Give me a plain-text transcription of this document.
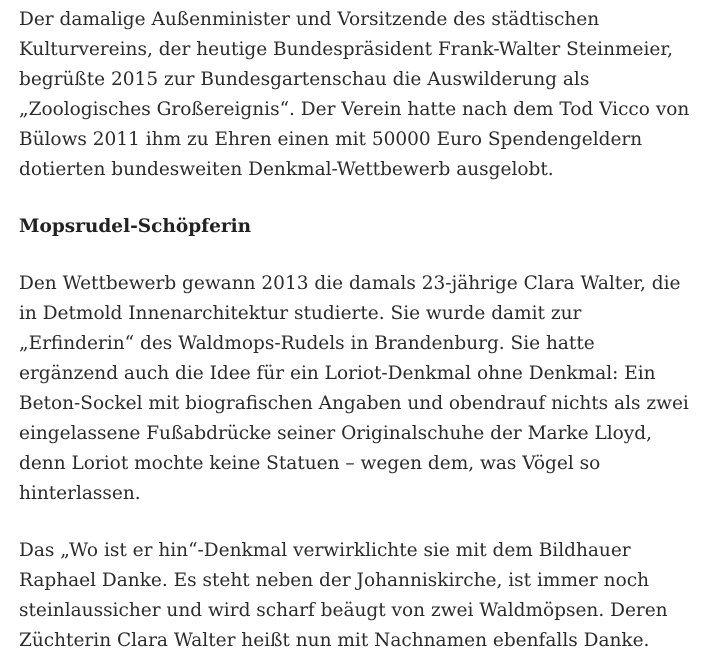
Der damalige Außenminister und Vorsitzende des städtischen Kulturvereins, der heutige Bundespräsident Frank-Walter Steinmeier, begrüßte 2015 zur Bundesgartenschau die Auswilderung als „Zoologisches Großereignis“. Der Verein hatte nach dem Tod Vicco von Bülows 2011 ihm zu Ehren einen mit 50000 Euro Spendengeldern dotierten bundesweiten Denkmal-Wettbewerb ausgelobt.

Mopsrudel-Schöpferin

Den Wettbewerb gewann 2013 die damals 23-jährige Clara Walter, die in Detmold Innenarchitektur studierte. Sie wurde damit zur „Erfinderin“ des Waldmops-Rudels in Brandenburg. Sie hatte ergänzend auch die Idee für ein Loriot-Denkmal ohne Denkmal: Ein Beton-Sockel mit biografischen Angaben und obendrauf nichts als zwei eingelassene Fußabdrücke seiner Originalschuhe der Marke Lloyd, denn Loriot mochte keine Statuen – wegen dem, was Vögel so hinterlassen.

Das „Wo ist er hin“-Denkmal verwirklichte sie mit dem Bildhauer Raphael Danke. Es steht neben der Johanniskirche, ist immer noch steinlaussicher und wird scharf beäugt von zwei Waldmöpsen. Deren Züchterin Clara Walter heißt nun mit Nachnamen ebenfalls Danke.
